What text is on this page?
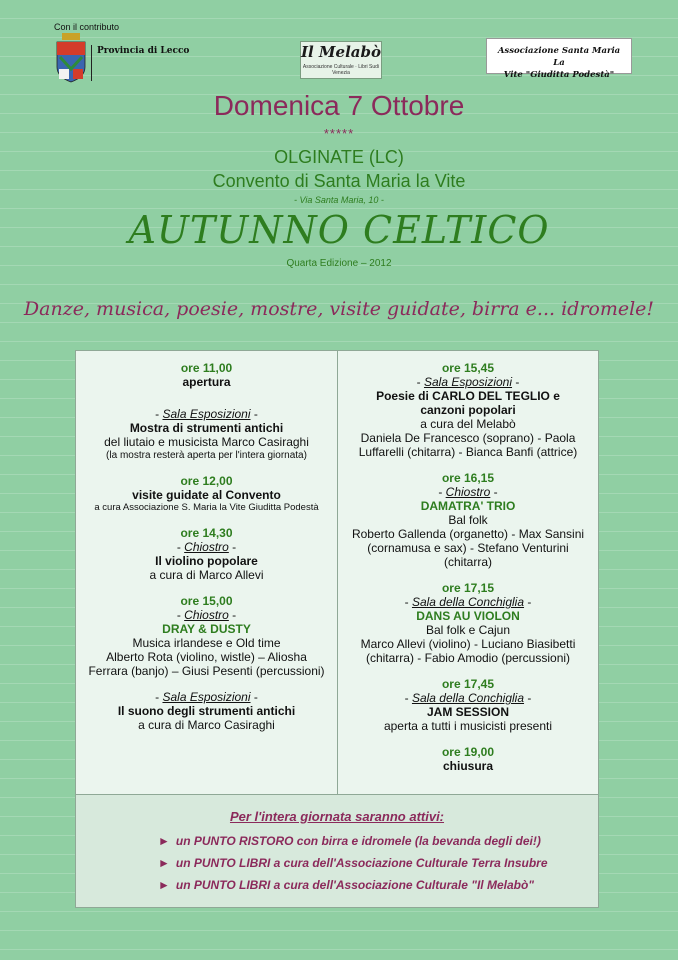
Con il contributo
Provincia di Lecco	Il Melabò
Associazione Culturale · Libri Sudi Venezia
Associazione Santa Maria La
Vite "Giuditta Podestà"
Domenica 7 Ottobre
*****
OLGINATE (LC)
Convento di Santa Maria la Vite
- Via Santa Maria, 10 -
AUTUNNO CELTICO
Quarta Edizione – 2012
Danze, musica, poesie, mostre, visite guidate, birra e... idromele!
ore 11,00
apertura
- Sala Esposizioni -
Mostra di strumenti antichi
del liutaio e musicista Marco Casiraghi
(la mostra resterà aperta per l'intera giornata)
ore 12,00
visite guidate al Convento
a cura Associazione S. Maria la Vite Giuditta Podestà
ore 14,30
- Chiostro -
Il violino popolare
a cura di Marco Allevi
ore 15,00
- Chiostro -
DRAY & DUSTY
Musica irlandese e Old time
Alberto Rota (violino, wistle) – Aliosha
Ferrara (banjo) – Giusi Pesenti (percussioni)
- Sala Esposizioni -
Il suono degli strumenti antichi
a cura di Marco Casiraghi
ore 15,45
- Sala Esposizioni -
Poesie di CARLO DEL TEGLIO e
canzoni popolari
a cura del Melabò
Daniela De Francesco (soprano) - Paola
Luffarelli (chitarra) - Bianca Banfi (attrice)
ore 16,15
- Chiostro -
DAMATRA' TRIO
Bal folk
Roberto Gallenda (organetto) - Max Sansini
(cornamusa e sax) - Stefano Venturini
(chitarra)
ore 17,15
- Sala della Conchiglia -
DANS AU VIOLON
Bal folk e Cajun
Marco Allevi (violino) - Luciano Biasibetti
(chitarra) - Fabio Amodio (percussioni)
ore 17,45
- Sala della Conchiglia -
JAM SESSION
aperta a tutti i musicisti presenti
ore 19,00
chiusura
Per l'intera giornata saranno attivi:
► un PUNTO RISTORO con birra e idromele (la bevanda degli dei!)
► un PUNTO LIBRI a cura dell'Associazione Culturale Terra Insubre
► un PUNTO LIBRI a cura dell'Associazione Culturale "Il Melabò"
